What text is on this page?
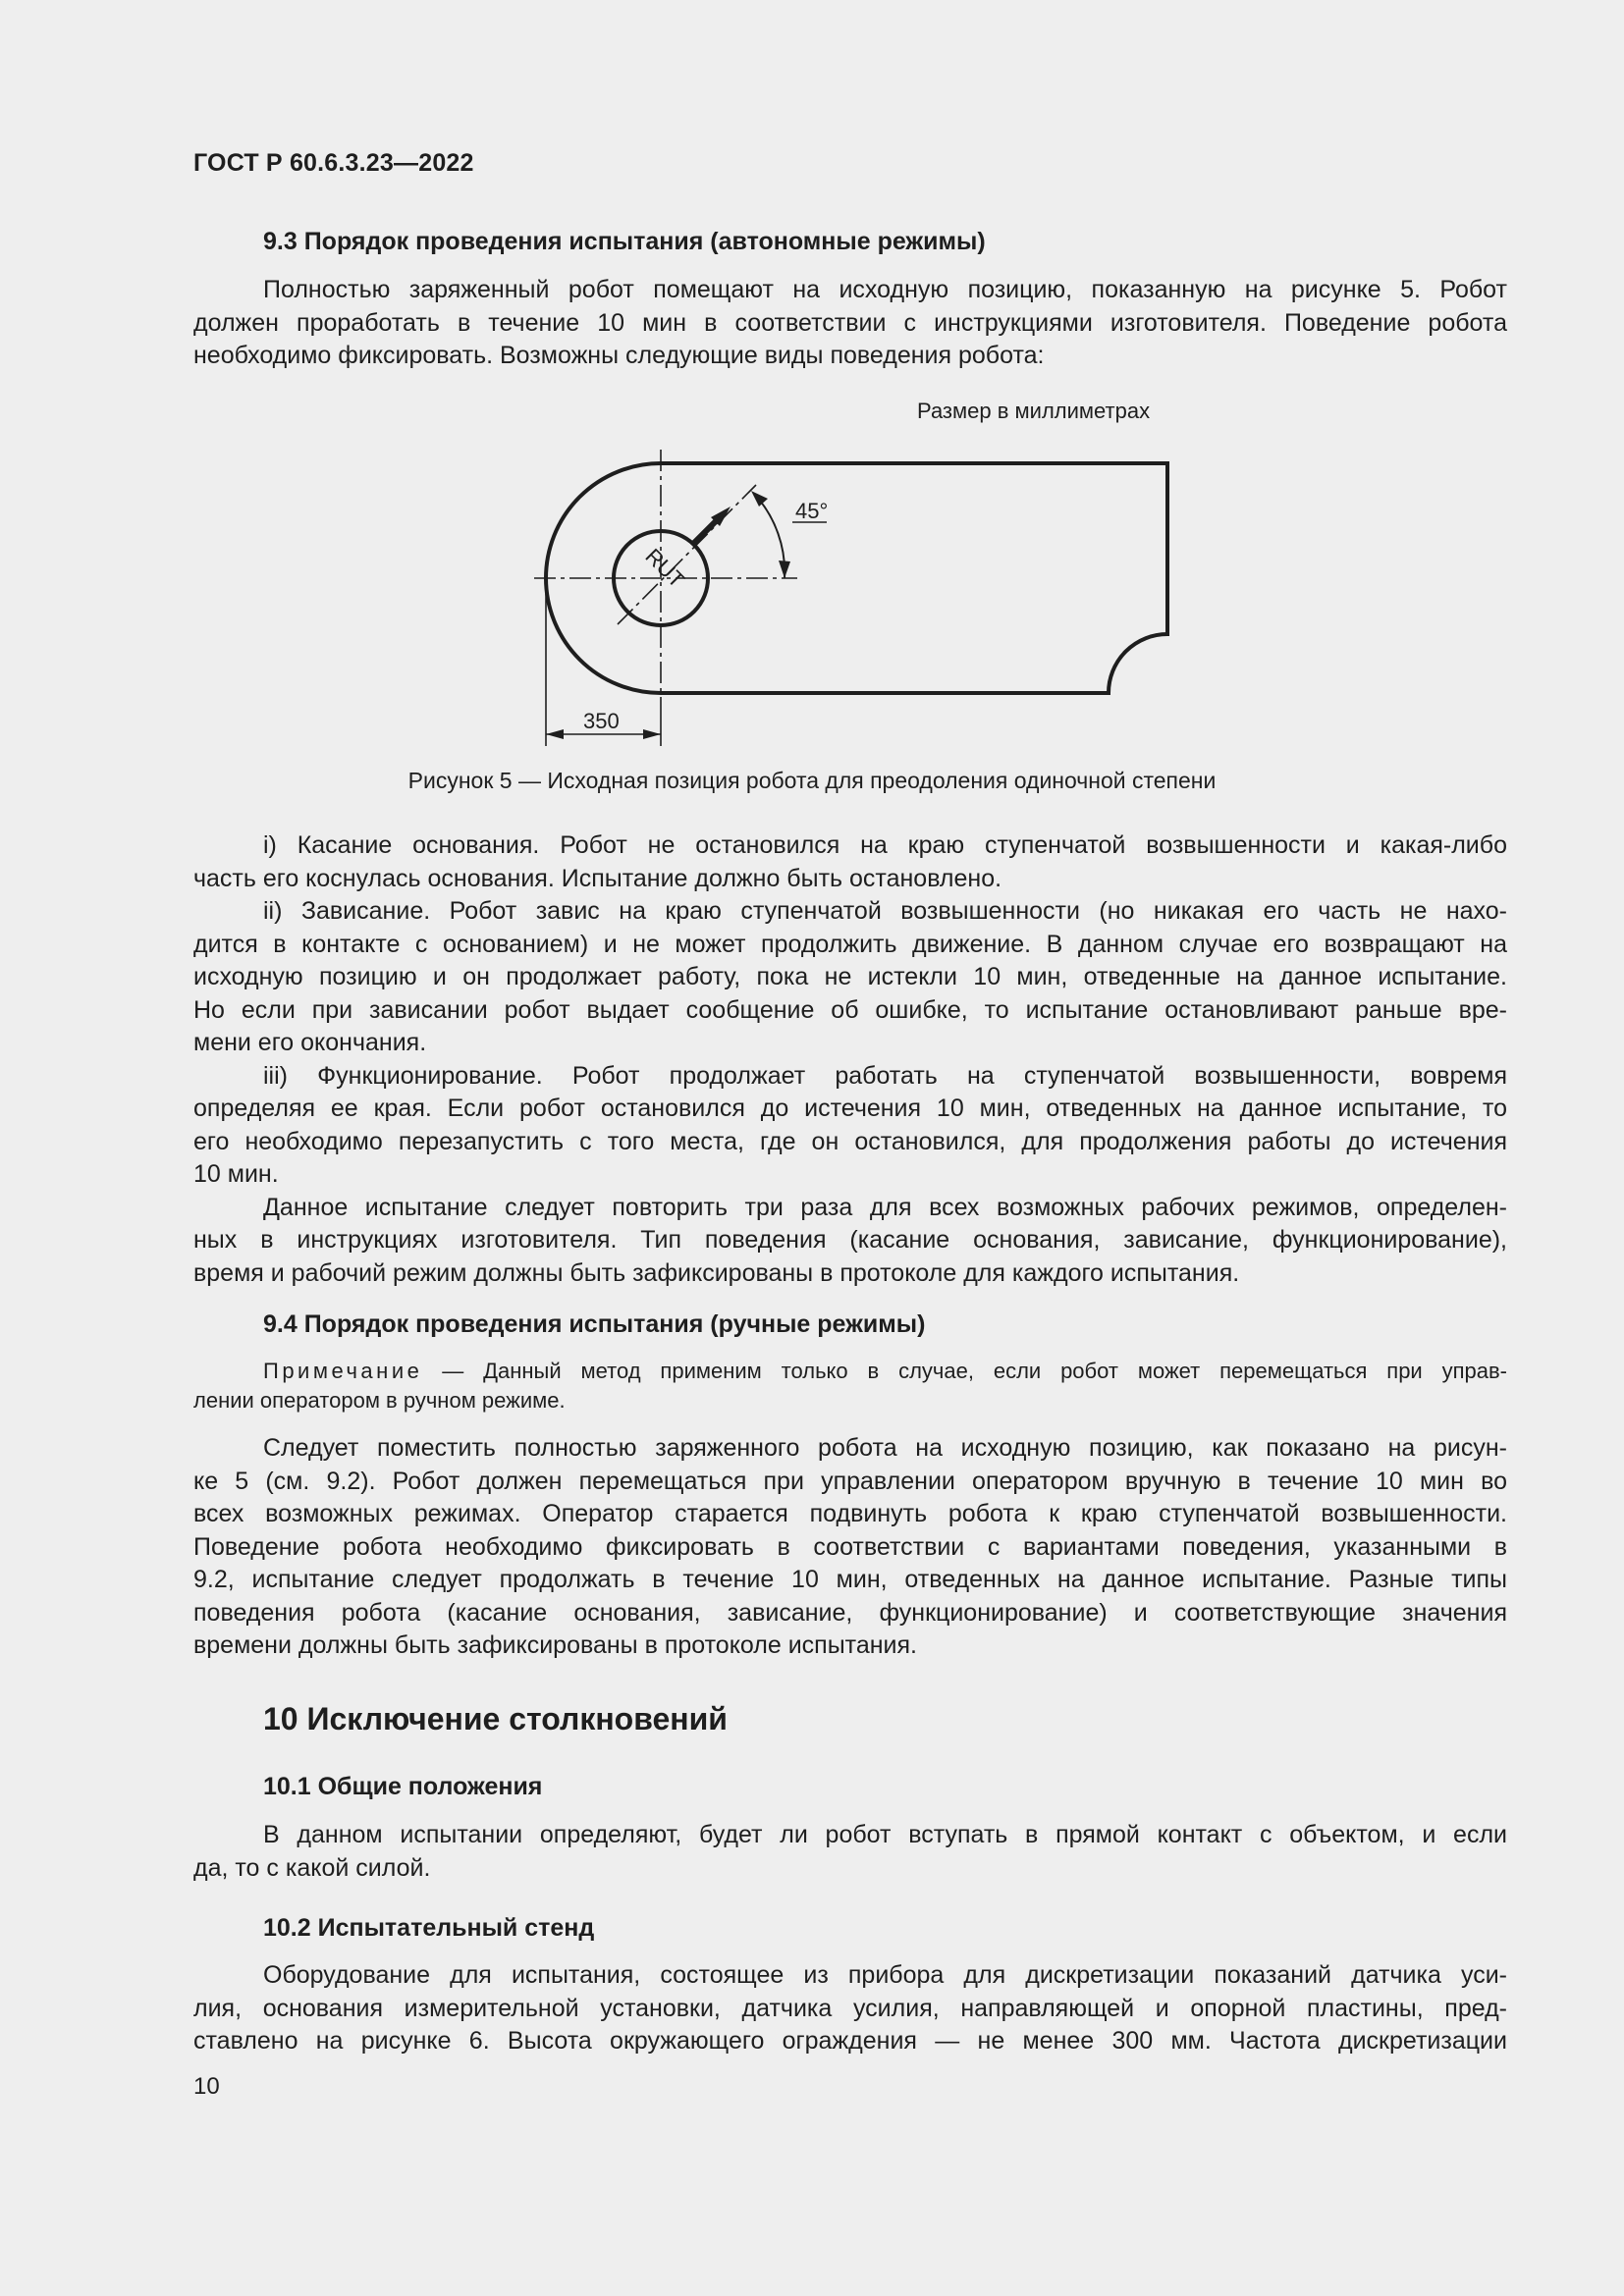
ГОСТ Р 60.6.3.23—2022
9.3 Порядок проведения испытания (автономные режимы)
Полностью заряженный робот помещают на исходную позицию, показанную на рисунке 5. Робот
должен проработать в течение 10 мин в соответствии с инструкциями изготовителя. Поведение робота
необходимо фиксировать. Возможны следующие виды поведения робота:
Размер в миллиметрах
45°
RUT
350
Рисунок 5 — Исходная позиция робота для преодоления одиночной степени
i) Касание основания. Робот не остановился на краю ступенчатой возвышенности и какая-либо
часть его коснулась основания. Испытание должно быть остановлено.
ii) Зависание. Робот завис на краю ступенчатой возвышенности (но никакая его часть не нахо-
дится в контакте с основанием) и не может продолжить движение. В данном случае его возвращают на
исходную позицию и он продолжает работу, пока не истекли 10 мин, отведенные на данное испытание.
Но если при зависании робот выдает сообщение об ошибке, то испытание остановливают раньше вре-
мени его окончания.
iii) Функционирование. Робот продолжает работать на ступенчатой возвышенности, вовремя
определяя ее края. Если робот остановился до истечения 10 мин, отведенных на данное испытание, то
его необходимо перезапустить с того места, где он остановился, для продолжения работы до истечения
10 мин.
Данное испытание следует повторить три раза для всех возможных рабочих режимов, определен-
ных в инструкциях изготовителя. Тип поведения (касание основания, зависание, функционирование),
время и рабочий режим должны быть зафиксированы в протоколе для каждого испытания.
9.4 Порядок проведения испытания (ручные режимы)
Примечание — Данный метод применим только в случае, если робот может перемещаться при управ-
лении оператором в ручном режиме.
Следует поместить полностью заряженного робота на исходную позицию, как показано на рисун-
ке 5 (см. 9.2). Робот должен перемещаться при управлении оператором вручную в течение 10 мин во
всех возможных режимах. Оператор старается подвинуть робота к краю ступенчатой возвышенности.
Поведение робота необходимо фиксировать в соответствии с вариантами поведения, указанными в
9.2, испытание следует продолжать в течение 10 мин, отведенных на данное испытание. Разные типы
поведения робота (касание основания, зависание, функционирование) и соответствующие значения
времени должны быть зафиксированы в протоколе испытания.
10 Исключение столкновений
10.1 Общие положения
В данном испытании определяют, будет ли робот вступать в прямой контакт с объектом, и если
да, то с какой силой.
10.2 Испытательный стенд
Оборудование для испытания, состоящее из прибора для дискретизации показаний датчика уси-
лия, основания измерительной установки, датчика усилия, направляющей и опорной пластины, пред-
ставлено на рисунке 6. Высота окружающего ограждения — не менее 300 мм. Частота дискретизации
10
